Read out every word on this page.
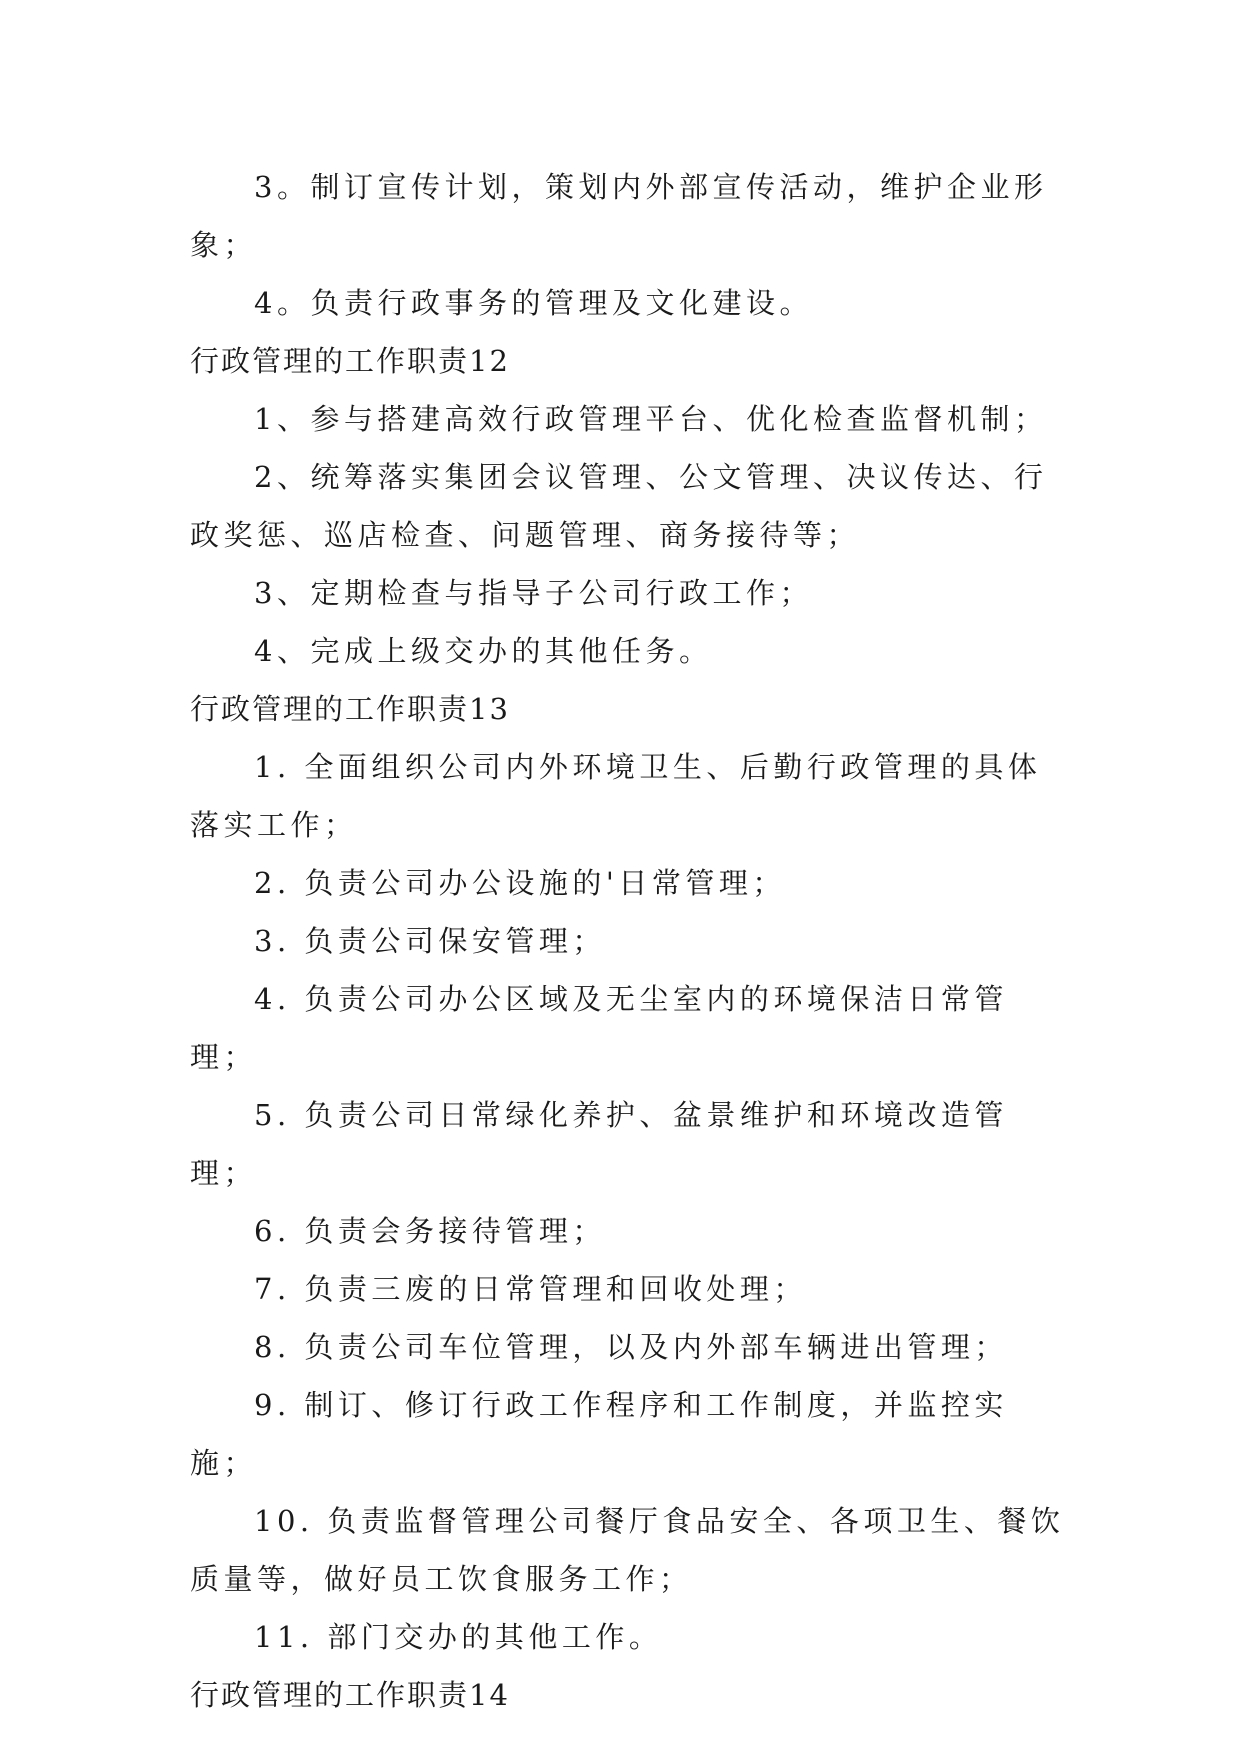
3。制订宣传计划，策划内外部宣传活动，维护企业形象；

4。负责行政事务的管理及文化建设。

行政管理的工作职责12

1、参与搭建高效行政管理平台、优化检查监督机制；

2、统筹落实集团会议管理、公文管理、决议传达、行政奖惩、巡店检查、问题管理、商务接待等；

3、定期检查与指导子公司行政工作；

4、完成上级交办的其他任务。

行政管理的工作职责13

1. 全面组织公司内外环境卫生、后勤行政管理的具体落实工作；

2. 负责公司办公设施的'日常管理；

3. 负责公司保安管理；

4. 负责公司办公区域及无尘室内的环境保洁日常管理；

5. 负责公司日常绿化养护、盆景维护和环境改造管理；

6. 负责会务接待管理；

7. 负责三废的日常管理和回收处理；

8. 负责公司车位管理，以及内外部车辆进出管理；

9. 制订、修订行政工作程序和工作制度，并监控实施；

10. 负责监督管理公司餐厅食品安全、各项卫生、餐饮质量等，做好员工饮食服务工作；

11. 部门交办的其他工作。

行政管理的工作职责14
